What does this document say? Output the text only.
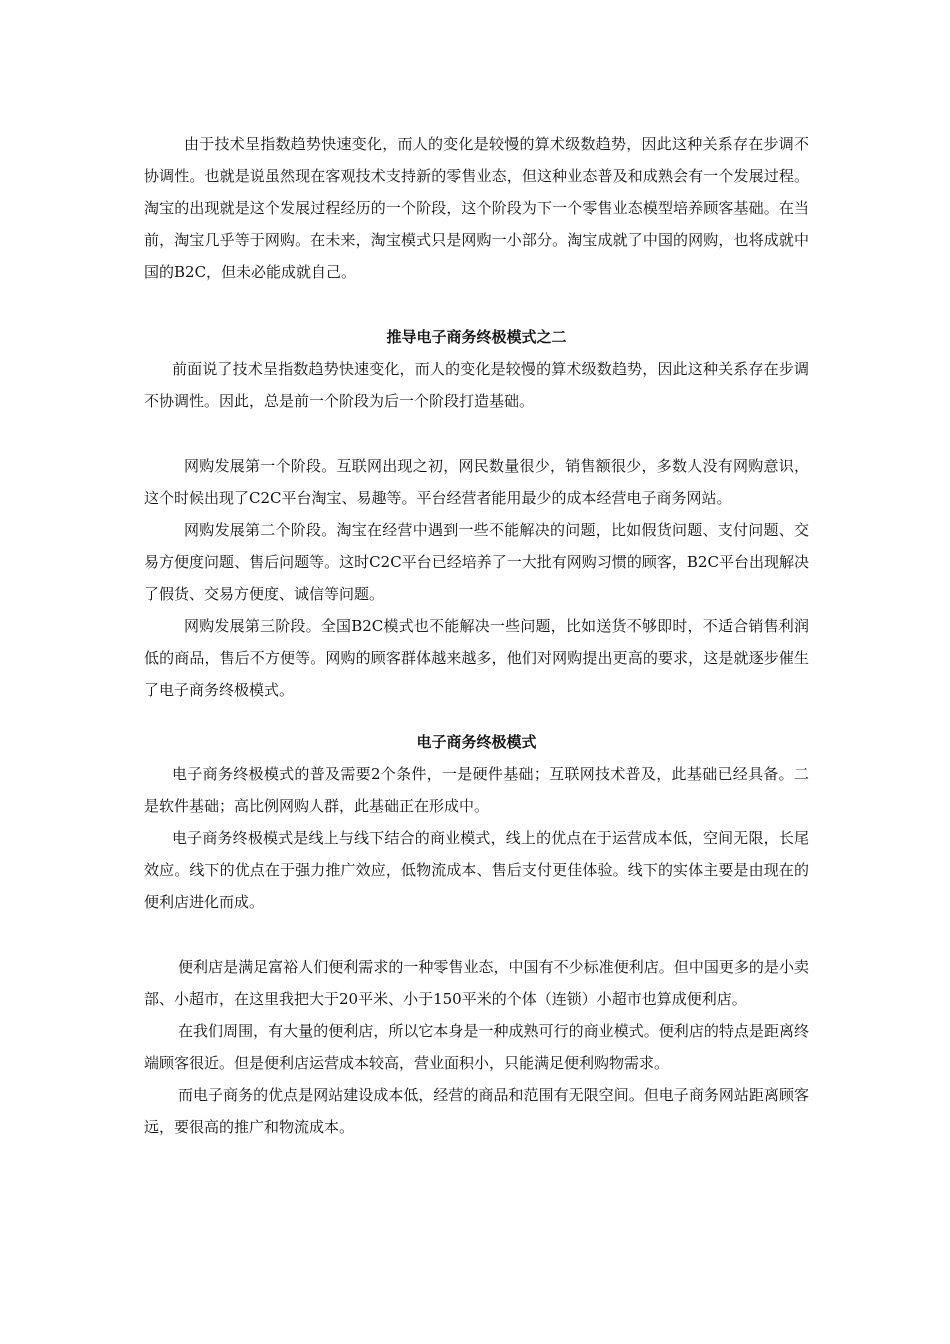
由于技术呈指数趋势快速变化，而人的变化是较慢的算术级数趋势，因此这种关系存在步调不协调性。也就是说虽然现在客观技术支持新的零售业态，但这种业态普及和成熟会有一个发展过程。淘宝的出现就是这个发展过程经历的一个阶段，这个阶段为下一个零售业态模型培养顾客基础。在当前，淘宝几乎等于网购。在未来，淘宝模式只是网购一小部分。淘宝成就了中国的网购，也将成就中国的B2C，但未必能成就自己。

推导电子商务终极模式之二

前面说了技术呈指数趋势快速变化，而人的变化是较慢的算术级数趋势，因此这种关系存在步调不协调性。因此，总是前一个阶段为后一个阶段打造基础。

网购发展第一个阶段。互联网出现之初，网民数量很少，销售额很少，多数人没有网购意识，这个时候出现了C2C平台淘宝、易趣等。平台经营者能用最少的成本经营电子商务网站。

网购发展第二个阶段。淘宝在经营中遇到一些不能解决的问题，比如假货问题、支付问题、交易方便度问题、售后问题等。这时C2C平台已经培养了一大批有网购习惯的顾客，B2C平台出现解决了假货、交易方便度、诚信等问题。

网购发展第三阶段。全国B2C模式也不能解决一些问题，比如送货不够即时，不适合销售利润低的商品，售后不方便等。网购的顾客群体越来越多，他们对网购提出更高的要求，这是就逐步催生了电子商务终极模式。

电子商务终极模式

电子商务终极模式的普及需要2个条件，一是硬件基础；互联网技术普及，此基础已经具备。二是软件基础；高比例网购人群，此基础正在形成中。

电子商务终极模式是线上与线下结合的商业模式，线上的优点在于运营成本低，空间无限，长尾效应。线下的优点在于强力推广效应，低物流成本、售后支付更佳体验。线下的实体主要是由现在的便利店进化而成。

便利店是满足富裕人们便利需求的一种零售业态，中国有不少标准便利店。但中国更多的是小卖部、小超市，在这里我把大于20平米、小于150平米的个体（连锁）小超市也算成便利店。

在我们周围，有大量的便利店，所以它本身是一种成熟可行的商业模式。便利店的特点是距离终端顾客很近。但是便利店运营成本较高，营业面积小，只能满足便利购物需求。

而电子商务的优点是网站建设成本低，经营的商品和范围有无限空间。但电子商务网站距离顾客远，要很高的推广和物流成本。
